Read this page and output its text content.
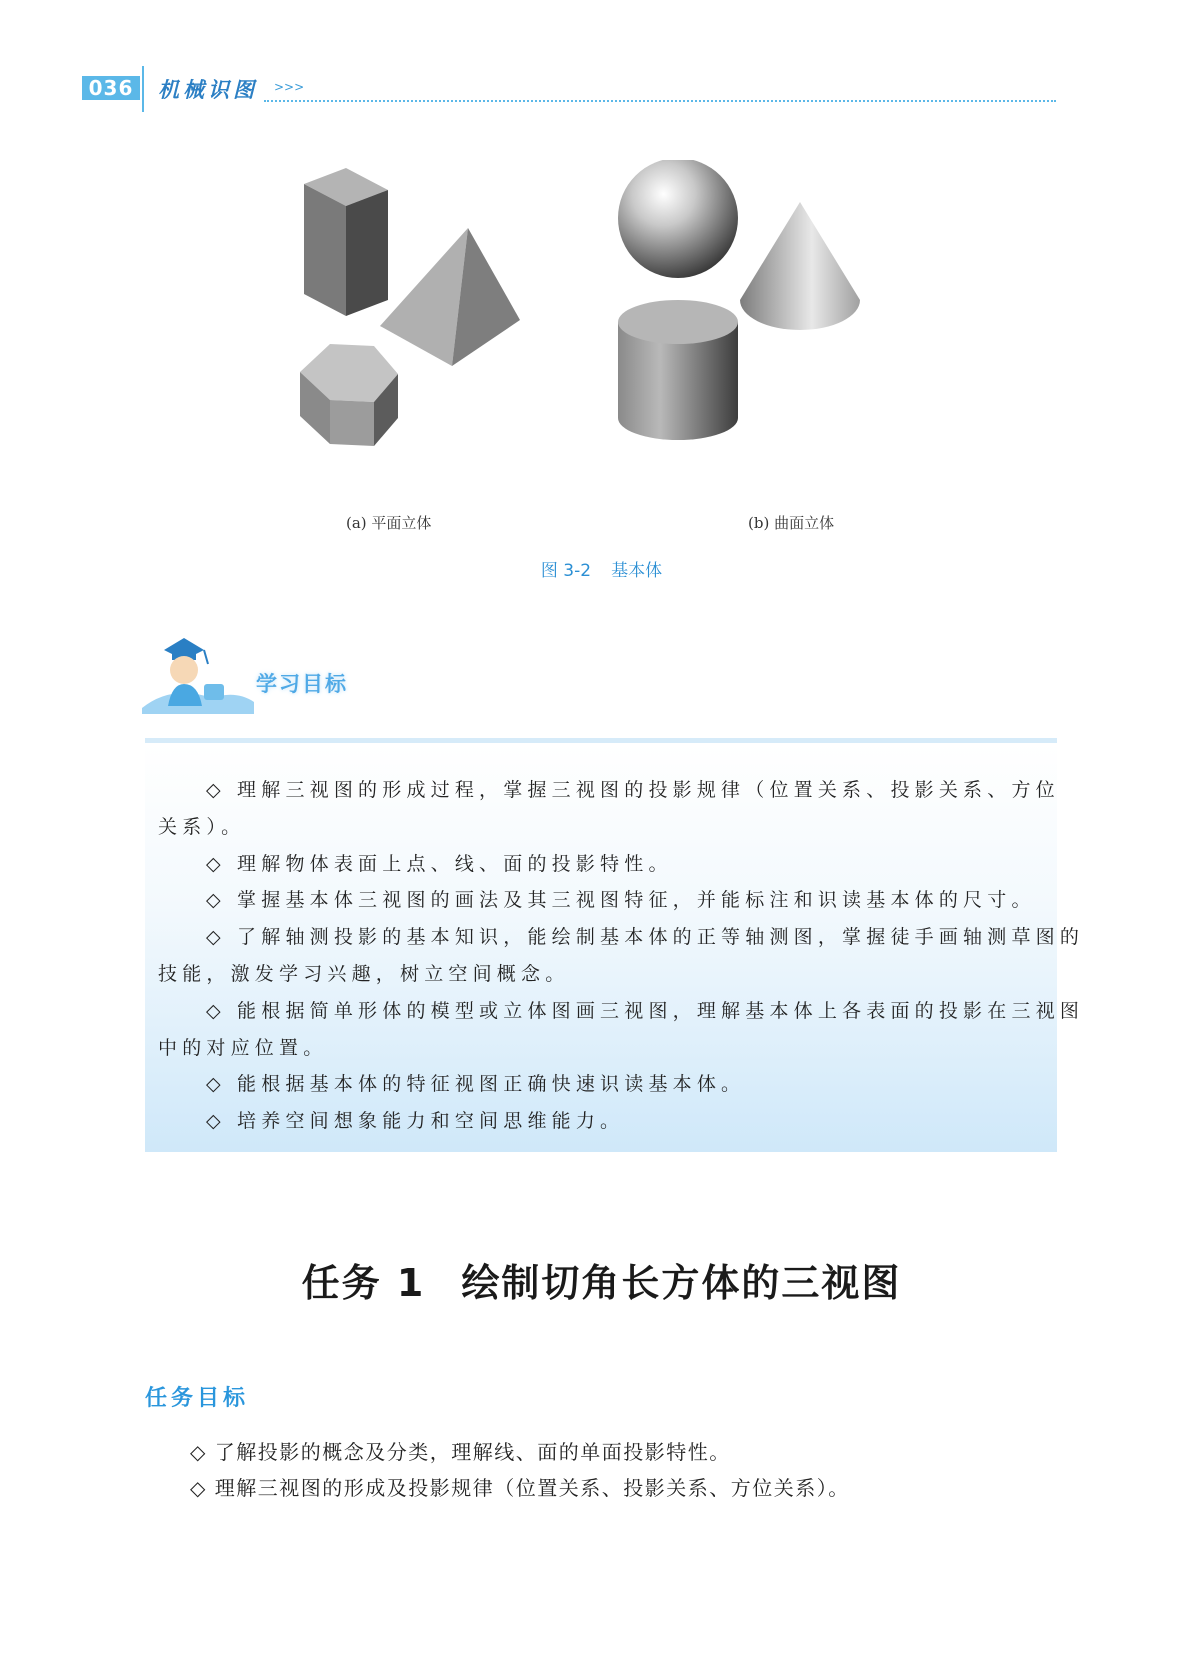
036	机械识图 >>>
(a) 平面立体	(b) 曲面立体
图 3-2 基本体
学习目标
◇ 理解三视图的形成过程，掌握三视图的投影规律（位置关系、投影关系、方位
关系）。
◇ 理解物体表面上点、线、面的投影特性。
◇ 掌握基本体三视图的画法及其三视图特征，并能标注和识读基本体的尺寸。
◇ 了解轴测投影的基本知识，能绘制基本体的正等轴测图，掌握徒手画轴测草图的
技能，激发学习兴趣，树立空间概念。
◇ 能根据简单形体的模型或立体图画三视图，理解基本体上各表面的投影在三视图
中的对应位置。
◇ 能根据基本体的特征视图正确快速识读基本体。
◇ 培养空间想象能力和空间思维能力。
任务 1 绘制切角长方体的三视图
任务目标
◇ 了解投影的概念及分类，理解线、面的单面投影特性。
◇ 理解三视图的形成及投影规律（位置关系、投影关系、方位关系）。
